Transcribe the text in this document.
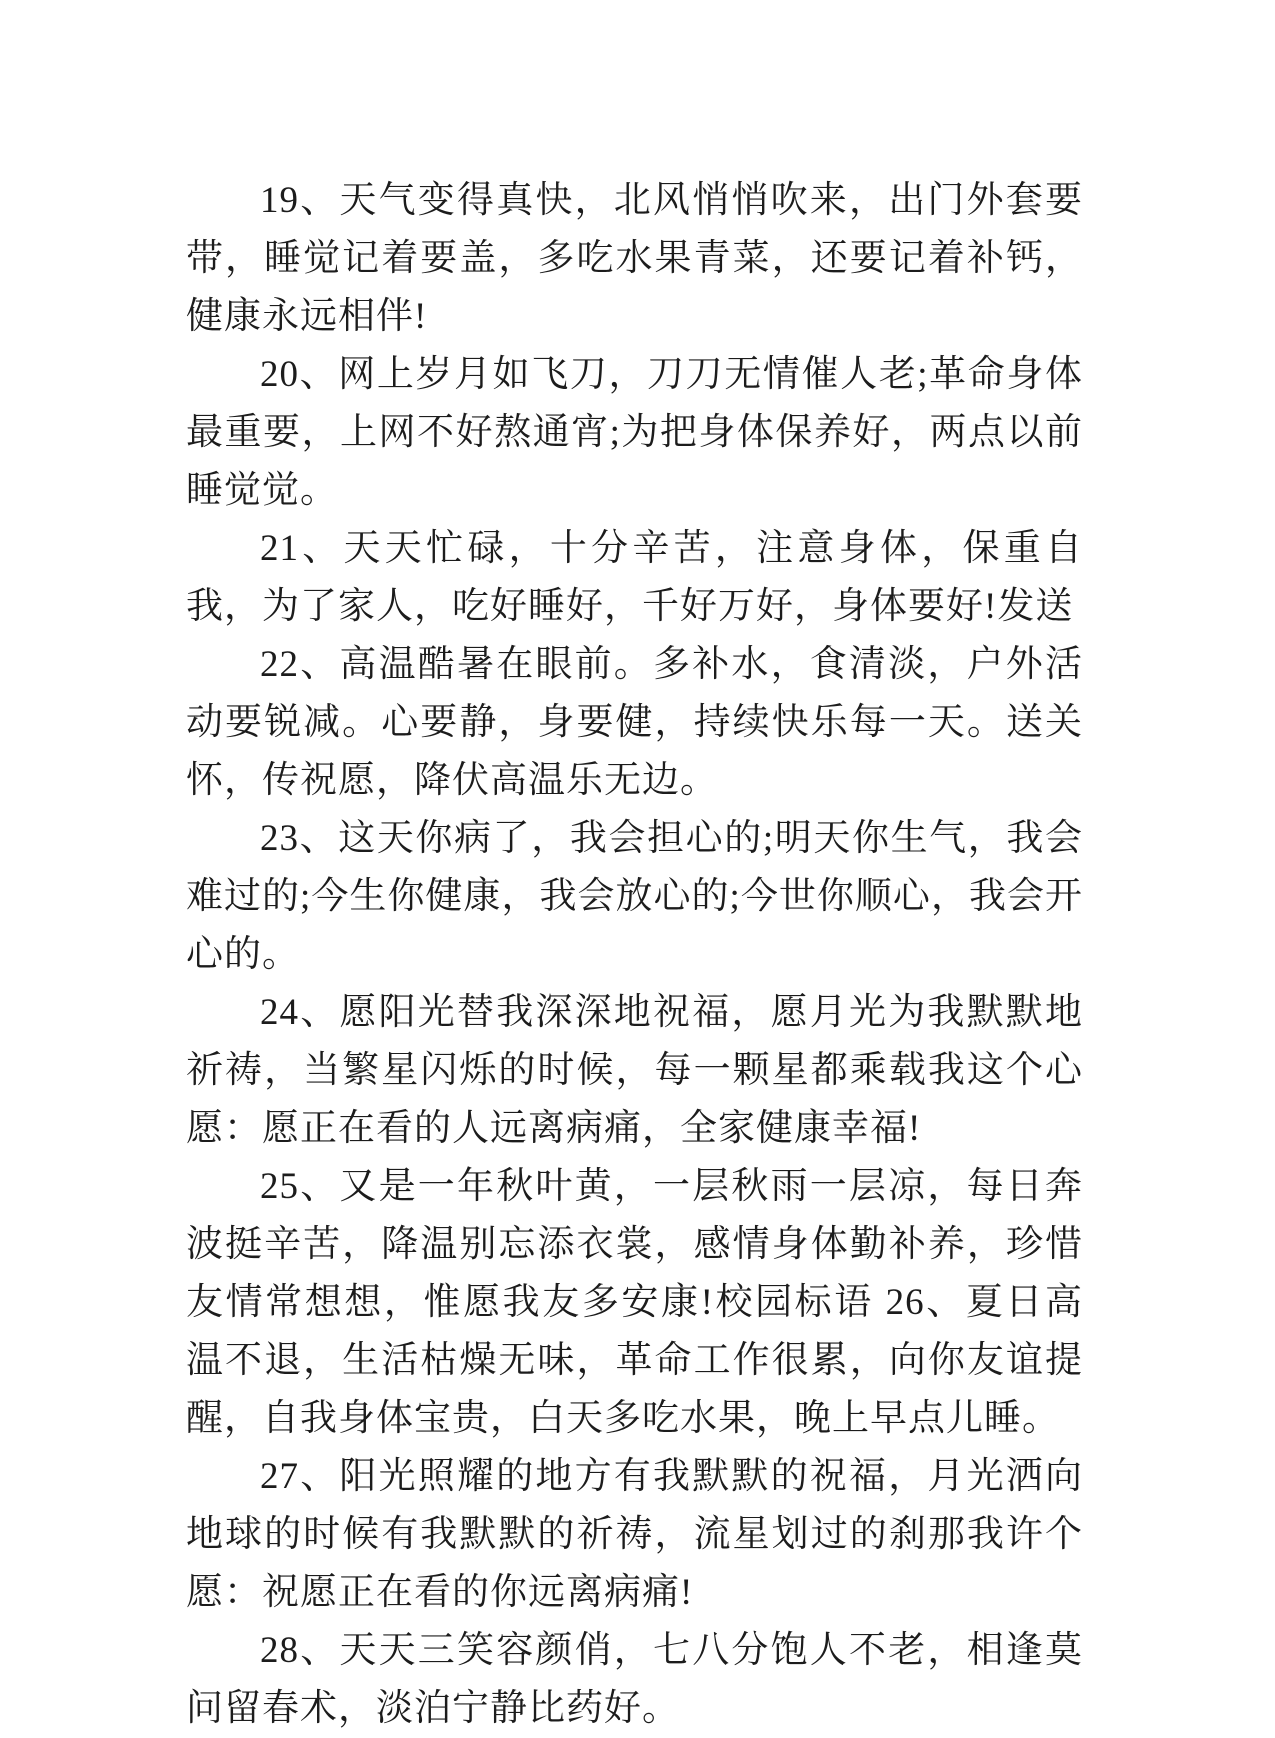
19、天气变得真快，北风悄悄吹来，出门外套要带，睡觉记着要盖，多吃水果青菜，还要记着补钙，健康永远相伴!

20、网上岁月如飞刀，刀刀无情催人老;革命身体最重要，上网不好熬通宵;为把身体保养好，两点以前睡觉觉。

21、天天忙碌，十分辛苦，注意身体，保重自我，为了家人，吃好睡好，千好万好，身体要好!发送

22、高温酷暑在眼前。多补水，食清淡，户外活动要锐减。心要静，身要健，持续快乐每一天。送关怀，传祝愿，降伏高温乐无边。

23、这天你病了，我会担心的;明天你生气，我会难过的;今生你健康，我会放心的;今世你顺心，我会开心的。

24、愿阳光替我深深地祝福，愿月光为我默默地祈祷，当繁星闪烁的时候，每一颗星都乘载我这个心愿：愿正在看的人远离病痛，全家健康幸福!

25、又是一年秋叶黄，一层秋雨一层凉，每日奔波挺辛苦，降温别忘添衣裳，感情身体勤补养，珍惜友情常想想，惟愿我友多安康!校园标语 26、夏日高温不退，生活枯燥无味，革命工作很累，向你友谊提醒，自我身体宝贵，白天多吃水果，晚上早点儿睡。

27、阳光照耀的地方有我默默的祝福，月光洒向地球的时候有我默默的祈祷，流星划过的刹那我许个愿：祝愿正在看的你远离病痛!

28、天天三笑容颜俏，七八分饱人不老，相逢莫问留春术，淡泊宁静比药好。
